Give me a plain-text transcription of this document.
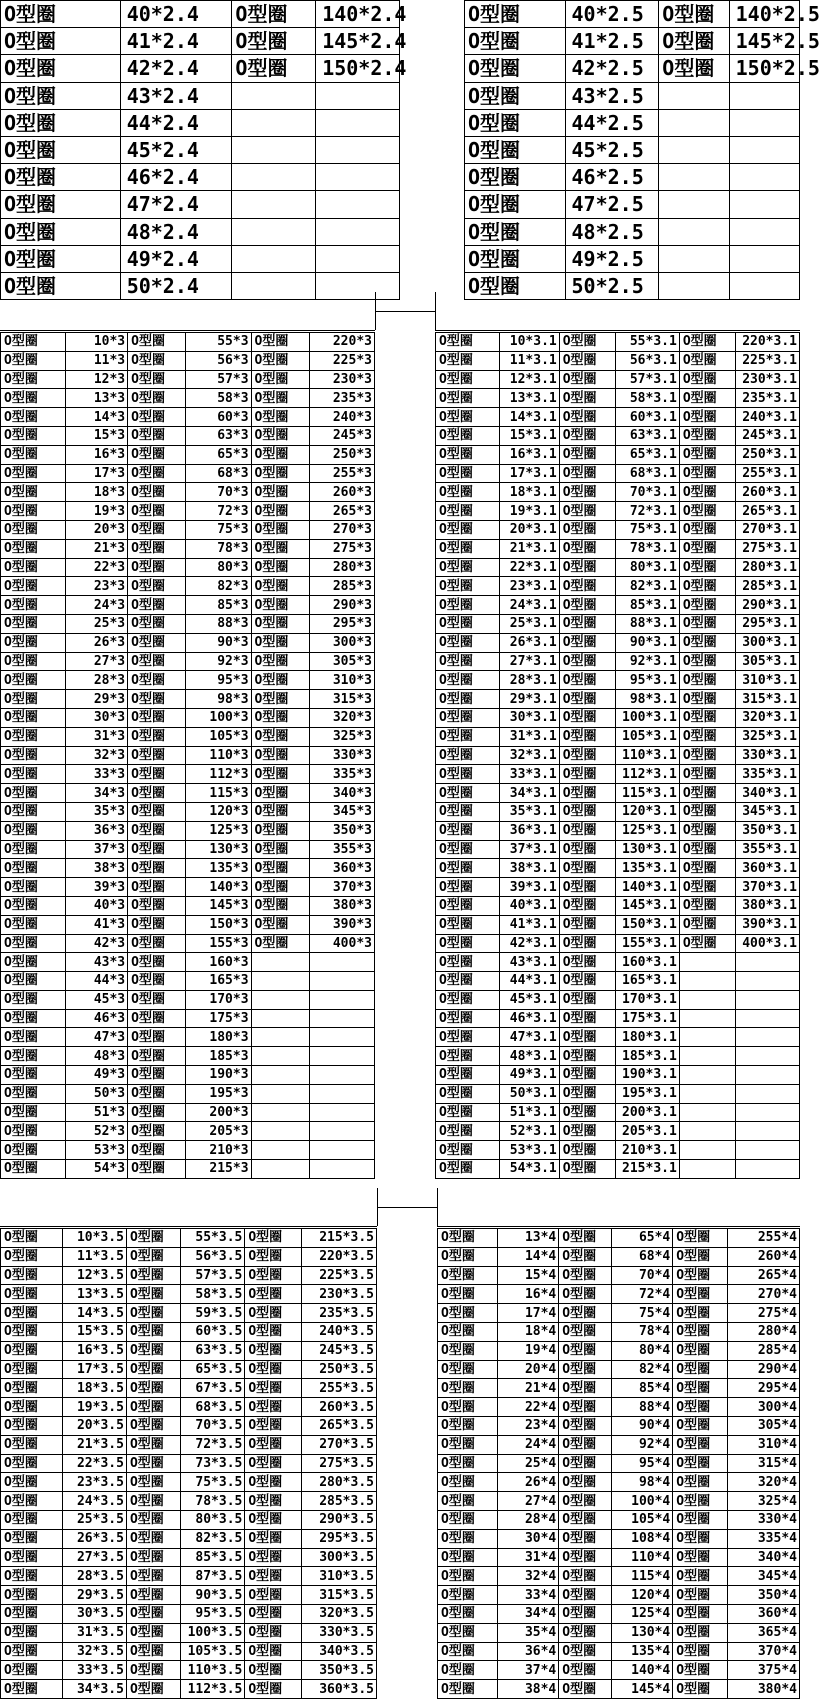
O型圈	40*2.4	O型圈	140*2.4
O型圈	41*2.4	O型圈	145*2.4
O型圈	42*2.4	O型圈	150*2.4
O型圈	43*2.4		
O型圈	44*2.4		
O型圈	45*2.4		
O型圈	46*2.4		
O型圈	47*2.4		
O型圈	48*2.4		
O型圈	49*2.4		
O型圈	50*2.4		
O型圈	40*2.5	O型圈	140*2.5
O型圈	41*2.5	O型圈	145*2.5
O型圈	42*2.5	O型圈	150*2.5
O型圈	43*2.5		
O型圈	44*2.5		
O型圈	45*2.5		
O型圈	46*2.5		
O型圈	47*2.5		
O型圈	48*2.5		
O型圈	49*2.5		
O型圈	50*2.5		
O型圈	10*3	O型圈	55*3	O型圈	220*3
O型圈	11*3	O型圈	56*3	O型圈	225*3
O型圈	12*3	O型圈	57*3	O型圈	230*3
O型圈	13*3	O型圈	58*3	O型圈	235*3
O型圈	14*3	O型圈	60*3	O型圈	240*3
O型圈	15*3	O型圈	63*3	O型圈	245*3
O型圈	16*3	O型圈	65*3	O型圈	250*3
O型圈	17*3	O型圈	68*3	O型圈	255*3
O型圈	18*3	O型圈	70*3	O型圈	260*3
O型圈	19*3	O型圈	72*3	O型圈	265*3
O型圈	20*3	O型圈	75*3	O型圈	270*3
O型圈	21*3	O型圈	78*3	O型圈	275*3
O型圈	22*3	O型圈	80*3	O型圈	280*3
O型圈	23*3	O型圈	82*3	O型圈	285*3
O型圈	24*3	O型圈	85*3	O型圈	290*3
O型圈	25*3	O型圈	88*3	O型圈	295*3
O型圈	26*3	O型圈	90*3	O型圈	300*3
O型圈	27*3	O型圈	92*3	O型圈	305*3
O型圈	28*3	O型圈	95*3	O型圈	310*3
O型圈	29*3	O型圈	98*3	O型圈	315*3
O型圈	30*3	O型圈	100*3	O型圈	320*3
O型圈	31*3	O型圈	105*3	O型圈	325*3
O型圈	32*3	O型圈	110*3	O型圈	330*3
O型圈	33*3	O型圈	112*3	O型圈	335*3
O型圈	34*3	O型圈	115*3	O型圈	340*3
O型圈	35*3	O型圈	120*3	O型圈	345*3
O型圈	36*3	O型圈	125*3	O型圈	350*3
O型圈	37*3	O型圈	130*3	O型圈	355*3
O型圈	38*3	O型圈	135*3	O型圈	360*3
O型圈	39*3	O型圈	140*3	O型圈	370*3
O型圈	40*3	O型圈	145*3	O型圈	380*3
O型圈	41*3	O型圈	150*3	O型圈	390*3
O型圈	42*3	O型圈	155*3	O型圈	400*3
O型圈	43*3	O型圈	160*3		
O型圈	44*3	O型圈	165*3		
O型圈	45*3	O型圈	170*3		
O型圈	46*3	O型圈	175*3		
O型圈	47*3	O型圈	180*3		
O型圈	48*3	O型圈	185*3		
O型圈	49*3	O型圈	190*3		
O型圈	50*3	O型圈	195*3		
O型圈	51*3	O型圈	200*3		
O型圈	52*3	O型圈	205*3		
O型圈	53*3	O型圈	210*3		
O型圈	54*3	O型圈	215*3		
O型圈	10*3.1	O型圈	55*3.1	O型圈	220*3.1
O型圈	11*3.1	O型圈	56*3.1	O型圈	225*3.1
O型圈	12*3.1	O型圈	57*3.1	O型圈	230*3.1
O型圈	13*3.1	O型圈	58*3.1	O型圈	235*3.1
O型圈	14*3.1	O型圈	60*3.1	O型圈	240*3.1
O型圈	15*3.1	O型圈	63*3.1	O型圈	245*3.1
O型圈	16*3.1	O型圈	65*3.1	O型圈	250*3.1
O型圈	17*3.1	O型圈	68*3.1	O型圈	255*3.1
O型圈	18*3.1	O型圈	70*3.1	O型圈	260*3.1
O型圈	19*3.1	O型圈	72*3.1	O型圈	265*3.1
O型圈	20*3.1	O型圈	75*3.1	O型圈	270*3.1
O型圈	21*3.1	O型圈	78*3.1	O型圈	275*3.1
O型圈	22*3.1	O型圈	80*3.1	O型圈	280*3.1
O型圈	23*3.1	O型圈	82*3.1	O型圈	285*3.1
O型圈	24*3.1	O型圈	85*3.1	O型圈	290*3.1
O型圈	25*3.1	O型圈	88*3.1	O型圈	295*3.1
O型圈	26*3.1	O型圈	90*3.1	O型圈	300*3.1
O型圈	27*3.1	O型圈	92*3.1	O型圈	305*3.1
O型圈	28*3.1	O型圈	95*3.1	O型圈	310*3.1
O型圈	29*3.1	O型圈	98*3.1	O型圈	315*3.1
O型圈	30*3.1	O型圈	100*3.1	O型圈	320*3.1
O型圈	31*3.1	O型圈	105*3.1	O型圈	325*3.1
O型圈	32*3.1	O型圈	110*3.1	O型圈	330*3.1
O型圈	33*3.1	O型圈	112*3.1	O型圈	335*3.1
O型圈	34*3.1	O型圈	115*3.1	O型圈	340*3.1
O型圈	35*3.1	O型圈	120*3.1	O型圈	345*3.1
O型圈	36*3.1	O型圈	125*3.1	O型圈	350*3.1
O型圈	37*3.1	O型圈	130*3.1	O型圈	355*3.1
O型圈	38*3.1	O型圈	135*3.1	O型圈	360*3.1
O型圈	39*3.1	O型圈	140*3.1	O型圈	370*3.1
O型圈	40*3.1	O型圈	145*3.1	O型圈	380*3.1
O型圈	41*3.1	O型圈	150*3.1	O型圈	390*3.1
O型圈	42*3.1	O型圈	155*3.1	O型圈	400*3.1
O型圈	43*3.1	O型圈	160*3.1		
O型圈	44*3.1	O型圈	165*3.1		
O型圈	45*3.1	O型圈	170*3.1		
O型圈	46*3.1	O型圈	175*3.1		
O型圈	47*3.1	O型圈	180*3.1		
O型圈	48*3.1	O型圈	185*3.1		
O型圈	49*3.1	O型圈	190*3.1		
O型圈	50*3.1	O型圈	195*3.1		
O型圈	51*3.1	O型圈	200*3.1		
O型圈	52*3.1	O型圈	205*3.1		
O型圈	53*3.1	O型圈	210*3.1		
O型圈	54*3.1	O型圈	215*3.1		
O型圈	10*3.5	O型圈	55*3.5	O型圈	215*3.5
O型圈	11*3.5	O型圈	56*3.5	O型圈	220*3.5
O型圈	12*3.5	O型圈	57*3.5	O型圈	225*3.5
O型圈	13*3.5	O型圈	58*3.5	O型圈	230*3.5
O型圈	14*3.5	O型圈	59*3.5	O型圈	235*3.5
O型圈	15*3.5	O型圈	60*3.5	O型圈	240*3.5
O型圈	16*3.5	O型圈	63*3.5	O型圈	245*3.5
O型圈	17*3.5	O型圈	65*3.5	O型圈	250*3.5
O型圈	18*3.5	O型圈	67*3.5	O型圈	255*3.5
O型圈	19*3.5	O型圈	68*3.5	O型圈	260*3.5
O型圈	20*3.5	O型圈	70*3.5	O型圈	265*3.5
O型圈	21*3.5	O型圈	72*3.5	O型圈	270*3.5
O型圈	22*3.5	O型圈	73*3.5	O型圈	275*3.5
O型圈	23*3.5	O型圈	75*3.5	O型圈	280*3.5
O型圈	24*3.5	O型圈	78*3.5	O型圈	285*3.5
O型圈	25*3.5	O型圈	80*3.5	O型圈	290*3.5
O型圈	26*3.5	O型圈	82*3.5	O型圈	295*3.5
O型圈	27*3.5	O型圈	85*3.5	O型圈	300*3.5
O型圈	28*3.5	O型圈	87*3.5	O型圈	310*3.5
O型圈	29*3.5	O型圈	90*3.5	O型圈	315*3.5
O型圈	30*3.5	O型圈	95*3.5	O型圈	320*3.5
O型圈	31*3.5	O型圈	100*3.5	O型圈	330*3.5
O型圈	32*3.5	O型圈	105*3.5	O型圈	340*3.5
O型圈	33*3.5	O型圈	110*3.5	O型圈	350*3.5
O型圈	34*3.5	O型圈	112*3.5	O型圈	360*3.5
O型圈	13*4	O型圈	65*4	O型圈	255*4
O型圈	14*4	O型圈	68*4	O型圈	260*4
O型圈	15*4	O型圈	70*4	O型圈	265*4
O型圈	16*4	O型圈	72*4	O型圈	270*4
O型圈	17*4	O型圈	75*4	O型圈	275*4
O型圈	18*4	O型圈	78*4	O型圈	280*4
O型圈	19*4	O型圈	80*4	O型圈	285*4
O型圈	20*4	O型圈	82*4	O型圈	290*4
O型圈	21*4	O型圈	85*4	O型圈	295*4
O型圈	22*4	O型圈	88*4	O型圈	300*4
O型圈	23*4	O型圈	90*4	O型圈	305*4
O型圈	24*4	O型圈	92*4	O型圈	310*4
O型圈	25*4	O型圈	95*4	O型圈	315*4
O型圈	26*4	O型圈	98*4	O型圈	320*4
O型圈	27*4	O型圈	100*4	O型圈	325*4
O型圈	28*4	O型圈	105*4	O型圈	330*4
O型圈	30*4	O型圈	108*4	O型圈	335*4
O型圈	31*4	O型圈	110*4	O型圈	340*4
O型圈	32*4	O型圈	115*4	O型圈	345*4
O型圈	33*4	O型圈	120*4	O型圈	350*4
O型圈	34*4	O型圈	125*4	O型圈	360*4
O型圈	35*4	O型圈	130*4	O型圈	365*4
O型圈	36*4	O型圈	135*4	O型圈	370*4
O型圈	37*4	O型圈	140*4	O型圈	375*4
O型圈	38*4	O型圈	145*4	O型圈	380*4
